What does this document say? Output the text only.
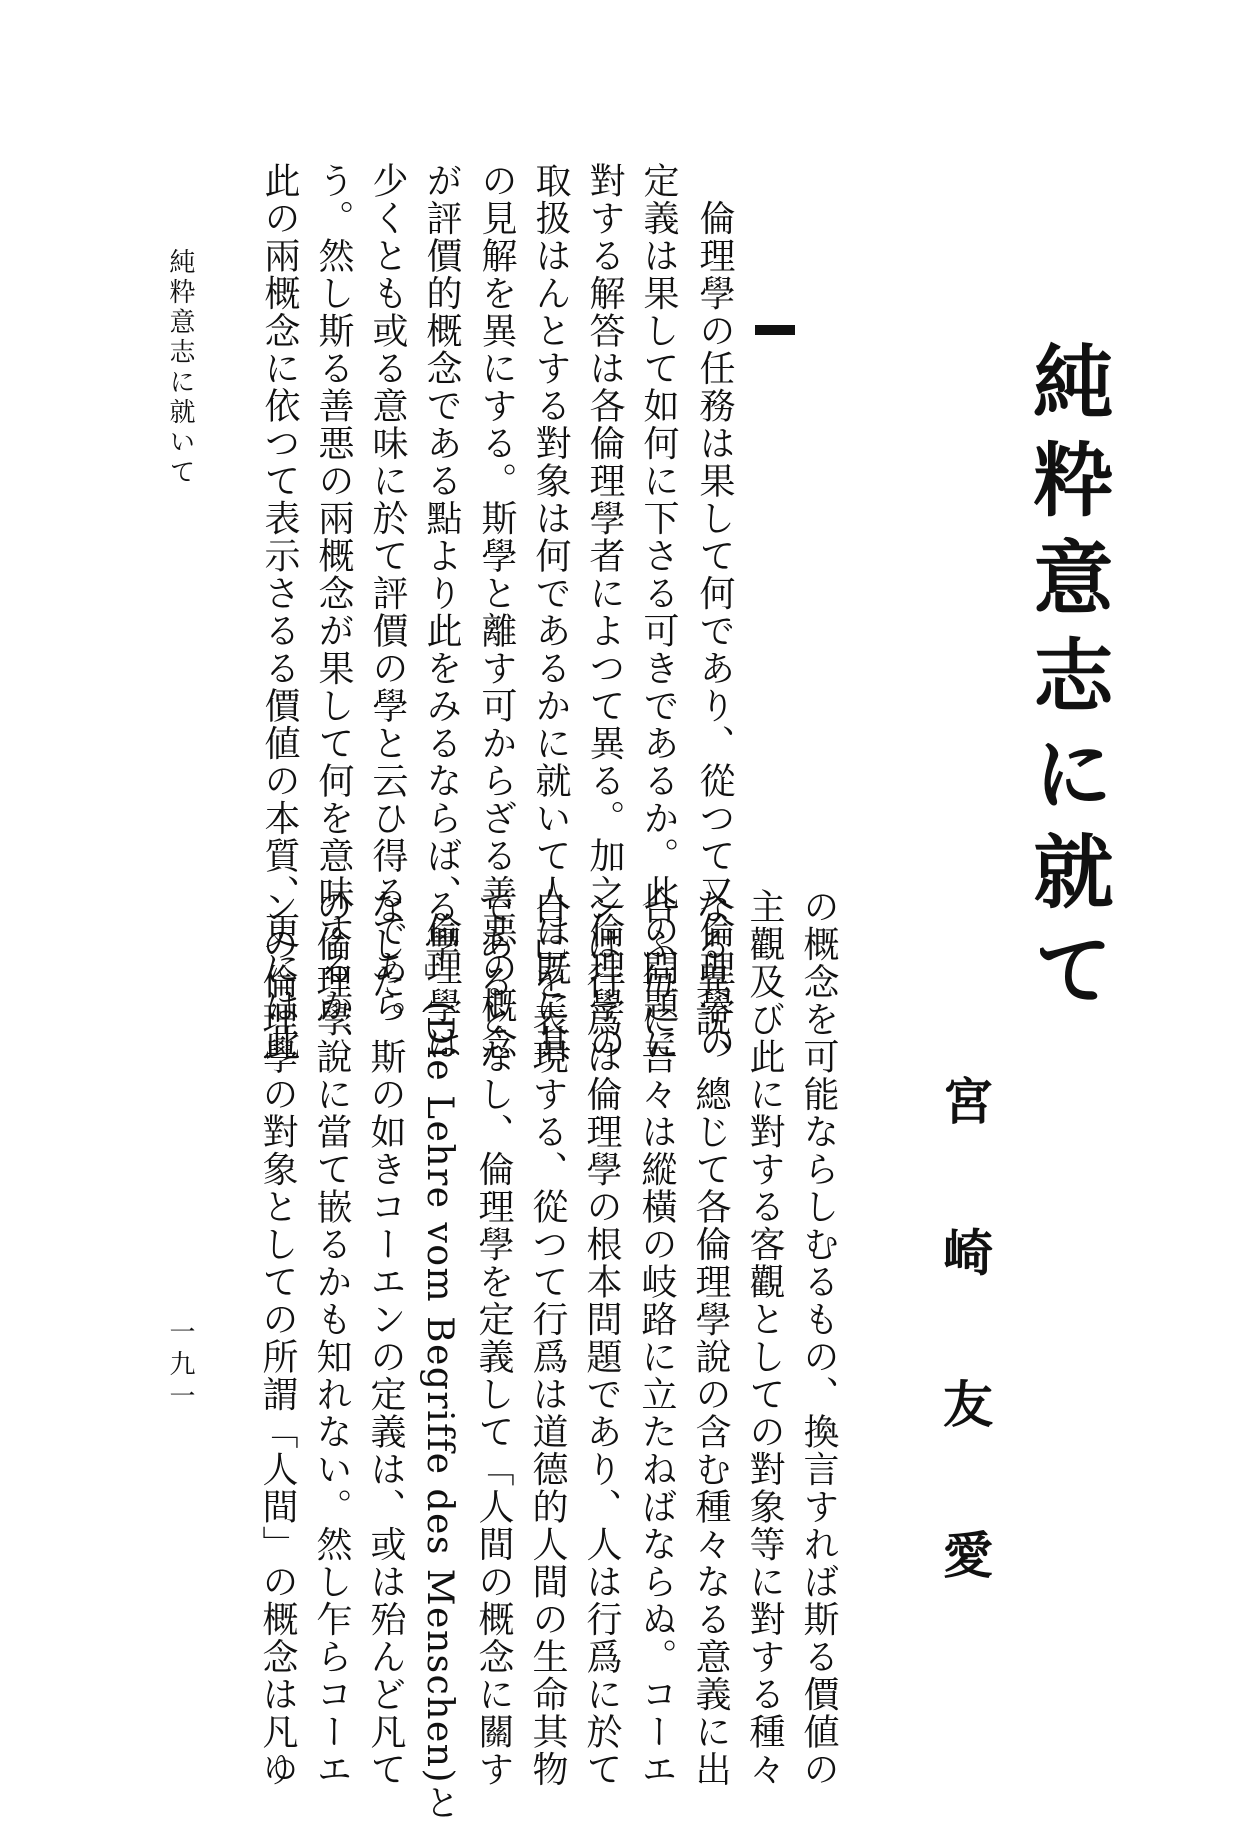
純粋意志に就て
宮 崎 友 愛
　倫理學の任務は果して何であり、從つて又倫理學の
定義は果して如何に下さる可きであるか。此の問題に
對する解答は各倫理學者によつて異る。加之倫理學の
取扱はんとする對象は何であるかに就いて人は既に其
の見解を異にする。斯學と離す可からざる善悪の概念
が評價的概念である點より此をみるならば、倫理學は
少くとも或る意味に於て評價の學と云ひ得るであら
う。然し斯る善悪の兩概念が果して何を意味するか、
此の兩概念に依つて表示さるる價値の本質、更には此
の概念を可能ならしむるもの、換言すれば斯る價値の
主觀及び此に對する客觀としての對象等に對する種々
なる異說、總じて各倫理學說の含む種々なる意義に出
合ふ毎に吾々は縱橫の岐路に立たねばならぬ。コーエ
ンは行爲は倫理學の根本問題であり、人は行爲に於て
自己を表現する、從つて行爲は道德的人間の生命其物
であるとなし、倫理學を定義して「人間の概念に關す
る學」(Die Lehre vom Begriffe des Menschen)と
なした。斯の如きコーエンの定義は、或は殆んど凡て
の倫理學說に當て嵌るかも知れない。然し乍らコーエ
ンの倫理學の對象としての所謂「人間」の概念は凡ゆ
純粋意志に就いて
一九一
